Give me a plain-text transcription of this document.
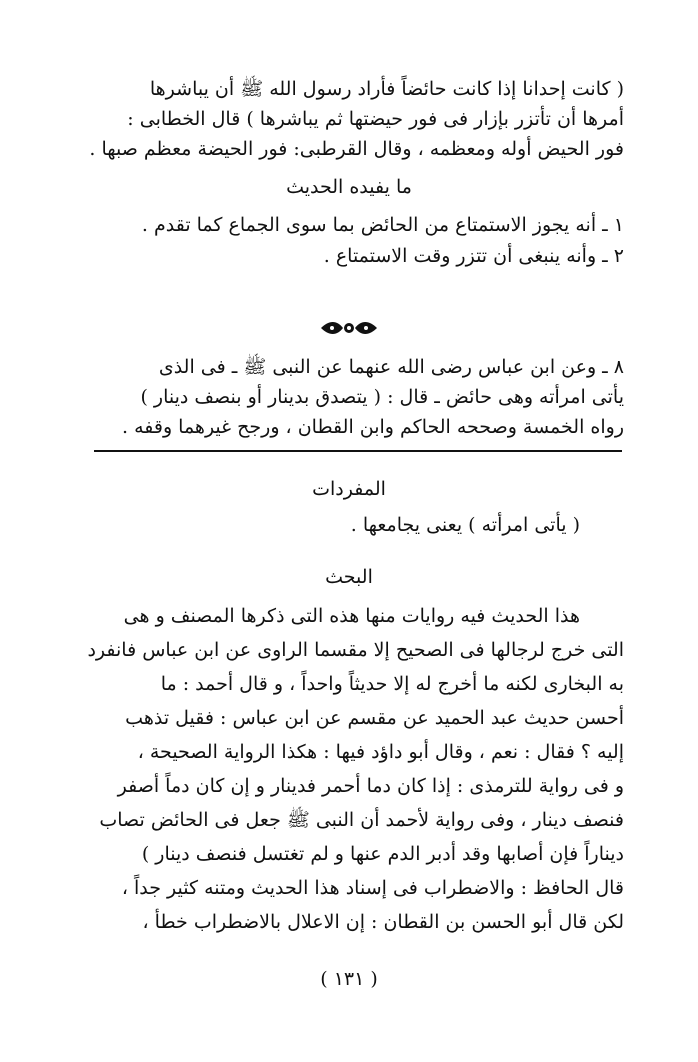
( كانت إحدانا إذا كانت حائضاً فأراد رسول الله ﷺ أن يباشرها
أمرها أن تأتزر بإزار فى فور حيضتها ثم يباشرها ) قال الخطابى :
فور الحيض أوله ومعظمه ، وقال القرطبى: فور الحيضة معظم صبها .
ما يفيده الحديث
١ ـ أنه يجوز الاستمتاع من الحائض بما سوى الجماع كما تقدم .
٢ ـ وأنه ينبغى أن تتزر وقت الاستمتاع .
٨ ـ وعن ابن عباس رضى الله عنهما عن النبى ﷺ ـ فى الذى
يأتى امرأته وهى حائض ـ قال : ( يتصدق بدينار أو بنصف دينار )
رواه الخمسة وصححه الحاكم وابن القطان ، ورجح غيرهما وقفه .
المفردات
( يأتى امرأته ) يعنى يجامعها .
البحث
هذا الحديث فيه روايات منها هذه التى ذكرها المصنف و هى
التى خرج لرجالها فى الصحيح إلا مقسما الراوى عن ابن عباس فانفرد
به البخارى لكنه ما أخرج له إلا حديثاً واحداً ، و قال أحمد : ما
أحسن حديث عبد الحميد عن مقسم عن ابن عباس : فقيل تذهب
إليه ؟ فقال : نعم ، وقال أبو داؤد فيها : هكذا الرواية الصحيحة ،
و فى رواية للترمذى : إذا كان دما أحمر فدينار و إن كان دماً أصفر
فنصف دينار ، وفى رواية لأحمد أن النبى ﷺ جعل فى الحائض تصاب
ديناراً فإن أصابها وقد أدبر الدم عنها و لم تغتسل فنصف دينار )
قال الحافظ : والاضطراب فى إسناد هذا الحديث ومتنه كثير جداً ،
لكن قال أبو الحسن بن القطان : إن الاعلال بالاضطراب خطأ ،
( ١٣١ )
